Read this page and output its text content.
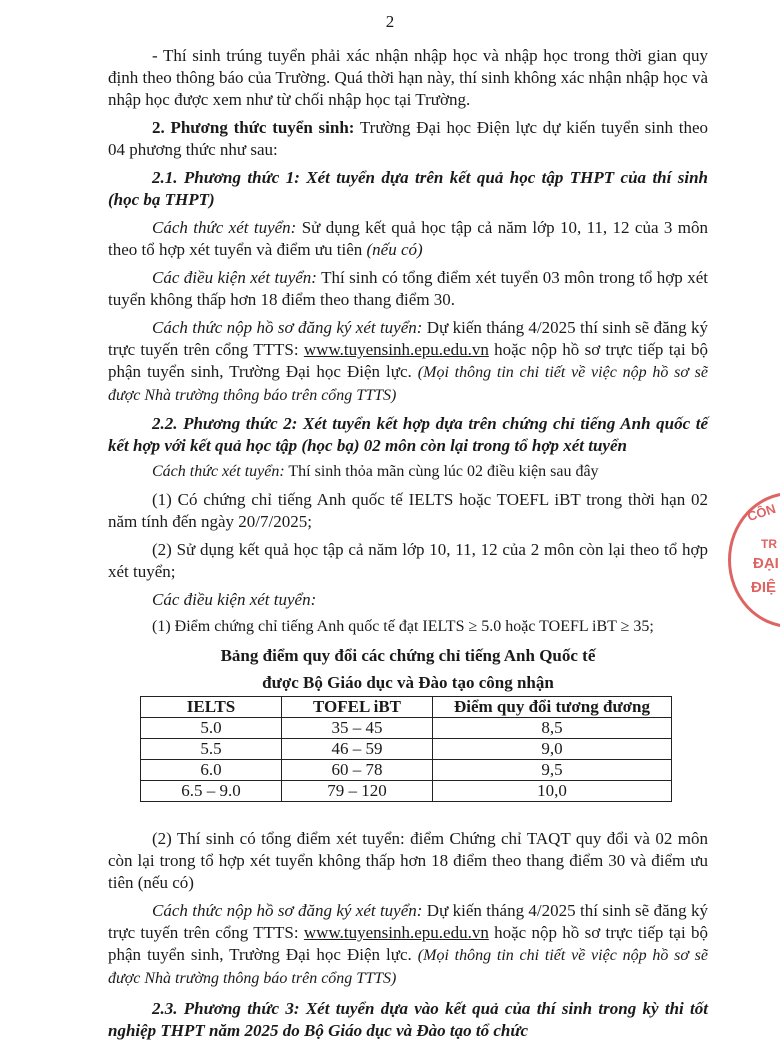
2

- Thí sinh trúng tuyển phải xác nhận nhập học và nhập học trong thời gian quy định theo thông báo của Trường. Quá thời hạn này, thí sinh không xác nhận nhập học và nhập học được xem như từ chối nhập học tại Trường.

2. Phương thức tuyển sinh: Trường Đại học Điện lực dự kiến tuyển sinh theo 04 phương thức như sau:

2.1. Phương thức 1: Xét tuyển dựa trên kết quả học tập THPT của thí sinh (học bạ THPT)

Cách thức xét tuyển: Sử dụng kết quả học tập cả năm lớp 10, 11, 12 của 3 môn theo tổ hợp xét tuyển và điểm ưu tiên (nếu có)

Các điều kiện xét tuyển: Thí sinh có tổng điểm xét tuyển 03 môn trong tổ hợp xét tuyển không thấp hơn 18 điểm theo thang điểm 30.

Cách thức nộp hồ sơ đăng ký xét tuyển: Dự kiến tháng 4/2025 thí sinh sẽ đăng ký trực tuyến trên cổng TTTS: www.tuyensinh.epu.edu.vn hoặc nộp hồ sơ trực tiếp tại bộ phận tuyển sinh, Trường Đại học Điện lực. (Mọi thông tin chi tiết về việc nộp hồ sơ sẽ được Nhà trường thông báo trên cổng TTTS)

2.2. Phương thức 2: Xét tuyển kết hợp dựa trên chứng chỉ tiếng Anh quốc tế kết hợp với kết quả học tập (học bạ) 02 môn còn lại trong tổ hợp xét tuyển

Cách thức xét tuyển: Thí sinh thỏa mãn cùng lúc 02 điều kiện sau đây

(1) Có chứng chỉ tiếng Anh quốc tế IELTS hoặc TOEFL iBT trong thời hạn 02 năm tính đến ngày 20/7/2025;

(2) Sử dụng kết quả học tập cả năm lớp 10, 11, 12 của 2 môn còn lại theo tổ hợp xét tuyển;

Các điều kiện xét tuyển:

(1) Điểm chứng chỉ tiếng Anh quốc tế đạt IELTS ≥ 5.0 hoặc TOEFL iBT ≥ 35;

Bảng điểm quy đổi các chứng chỉ tiếng Anh Quốc tế
được Bộ Giáo dục và Đào tạo công nhận
IELTS	TOFEL iBT	Điểm quy đổi tương đương
5.0	35 – 45	8,5
5.5	46 – 59	9,0
6.0	60 – 78	9,5
6.5 – 9.0	79 – 120	10,0

(2) Thí sinh có tổng điểm xét tuyển: điểm Chứng chỉ TAQT quy đổi và 02 môn còn lại trong tổ hợp xét tuyển không thấp hơn 18 điểm theo thang điểm 30 và điểm ưu tiên (nếu có)

Cách thức nộp hồ sơ đăng ký xét tuyển: Dự kiến tháng 4/2025 thí sinh sẽ đăng ký trực tuyến trên cổng TTTS: www.tuyensinh.epu.edu.vn hoặc nộp hồ sơ trực tiếp tại bộ phận tuyển sinh, Trường Đại học Điện lực. (Mọi thông tin chi tiết về việc nộp hồ sơ sẽ được Nhà trường thông báo trên cổng TTTS)

2.3. Phương thức 3: Xét tuyển dựa vào kết quả của thí sinh trong kỳ thi tốt nghiệp THPT năm 2025 do Bộ Giáo dục và Đào tạo tổ chức

CÔN
TR
ĐẠI
ĐIỆ
